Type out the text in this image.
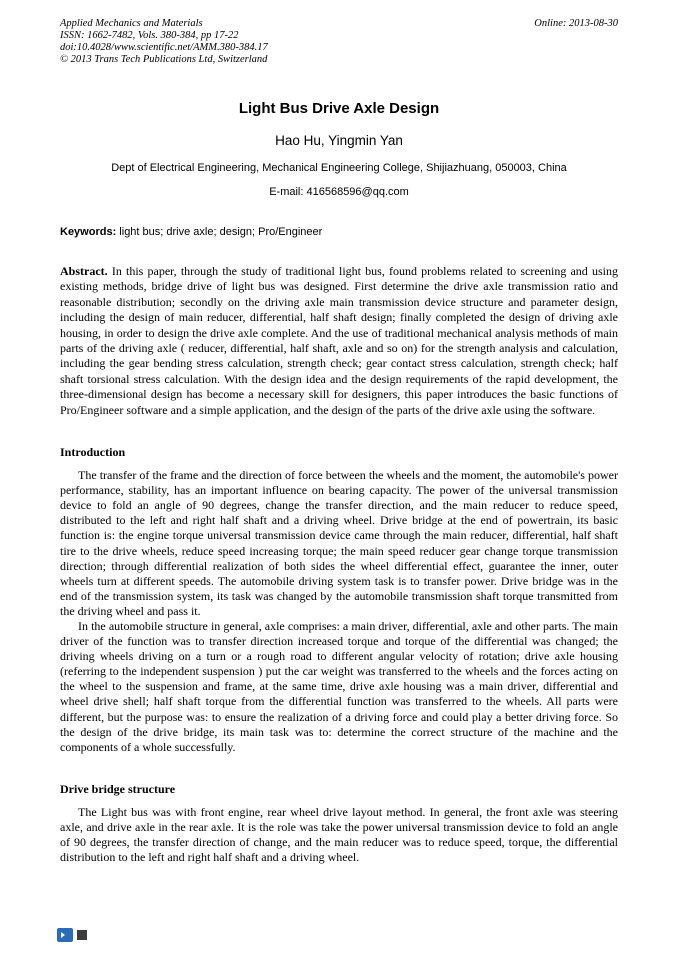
Applied Mechanics and Materials
ISSN: 1662-7482, Vols. 380-384, pp 17-22
doi:10.4028/www.scientific.net/AMM.380-384.17
© 2013 Trans Tech Publications Ltd, Switzerland
Online: 2013-08-30
Light Bus Drive Axle Design
Hao Hu, Yingmin Yan
Dept of Electrical Engineering, Mechanical Engineering College, Shijiazhuang, 050003, China
E-mail: 416568596@qq.com

Keywords: light bus; drive axle; design; Pro/Engineer

Abstract. In this paper, through the study of traditional light bus, found problems related to screening and using existing methods, bridge drive of light bus was designed. First determine the drive axle transmission ratio and reasonable distribution; secondly on the driving axle main transmission device structure and parameter design, including the design of main reducer, differential, half shaft design; finally completed the design of driving axle housing, in order to design the drive axle complete. And the use of traditional mechanical analysis methods of main parts of the driving axle ( reducer, differential, half shaft, axle and so on) for the strength analysis and calculation, including the gear bending stress calculation, strength check; gear contact stress calculation, strength check; half shaft torsional stress calculation. With the design idea and the design requirements of the rapid development, the three-dimensional design has become a necessary skill for designers, this paper introduces the basic functions of Pro/Engineer software and a simple application, and the design of the parts of the drive axle using the software.

Introduction

The transfer of the frame and the direction of force between the wheels and the moment, the automobile's power performance, stability, has an important influence on bearing capacity. The power of the universal transmission device to fold an angle of 90 degrees, change the transfer direction, and the main reducer to reduce speed, distributed to the left and right half shaft and a driving wheel. Drive bridge at the end of powertrain, its basic function is: the engine torque universal transmission device came through the main reducer, differential, half shaft tire to the drive wheels, reduce speed increasing torque; the main speed reducer gear change torque transmission direction; through differential realization of both sides the wheel differential effect, guarantee the inner, outer wheels turn at different speeds. The automobile driving system task is to transfer power. Drive bridge was in the end of the transmission system, its task was changed by the automobile transmission shaft torque transmitted from the driving wheel and pass it.

In the automobile structure in general, axle comprises: a main driver, differential, axle and other parts. The main driver of the function was to transfer direction increased torque and torque of the differential was changed; the driving wheels driving on a turn or a rough road to different angular velocity of rotation; drive axle housing (referring to the independent suspension ) put the car weight was transferred to the wheels and the forces acting on the wheel to the suspension and frame, at the same time, drive axle housing was a main driver, differential and wheel drive shell; half shaft torque from the differential function was transferred to the wheels. All parts were different, but the purpose was: to ensure the realization of a driving force and could play a better driving force. So the design of the drive bridge, its main task was to: determine the correct structure of the machine and the components of a whole successfully.

Drive bridge structure

The Light bus was with front engine, rear wheel drive layout method. In general, the front axle was steering axle, and drive axle in the rear axle. It is the role was take the power universal transmission device to fold an angle of 90 degrees, the transfer direction of change, and the main reducer was to reduce speed, torque, the differential distribution to the left and right half shaft and a driving wheel.
